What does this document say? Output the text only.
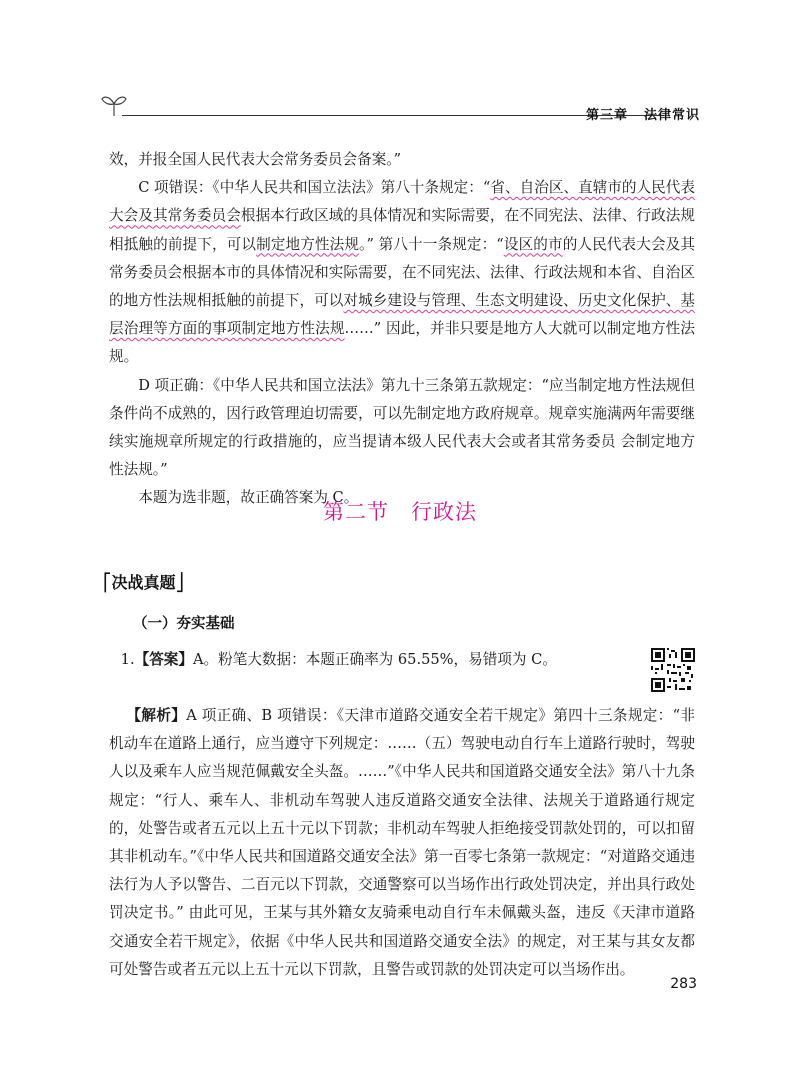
第三章 法律常识

效，并报全国人民代表大会常务委员会备案。”

C 项错误：《中华人民共和国立法法》第八十条规定：“省、自治区、直辖市的人民代表大会及其常务委员会根据本行政区域的具体情况和实际需要，在不同宪法、法律、行政法规相抵触的前提下，可以制定地方性法规。” 第八十一条规定：“设区的市的人民代表大会及其常务委员会根据本市的具体情况和实际需要，在不同宪法、法律、行政法规和本省、自治区的地方性法规相抵触的前提下，可以对城乡建设与管理、生态文明建设、历史文化保护、基层治理等方面的事项制定地方性法规……” 因此，并非只要是地方人大就可以制定地方性法规。

D 项正确：《中华人民共和国立法法》第九十三条第五款规定：“应当制定地方性法规但条件尚不成熟的，因行政管理迫切需要，可以先制定地方政府规章。规章实施满两年需要继续实施规章所规定的行政措施的，应当提请本级人民代表大会或者其常务委员 会制定地方性法规。”

本题为选非题，故正确答案为 C。

第二节 行政法
⎡决战真题⎦
（一）夯实基础

1.【答案】A。粉笔大数据：本题正确率为 65.55%，易错项为 C。

【解析】A 项正确、B 项错误：《天津市道路交通安全若干规定》第四十三条规定：“非机动车在道路上通行，应当遵守下列规定：……（五）驾驶电动自行车上道路行驶时，驾驶人以及乘车人应当规范佩戴安全头盔。……”《中华人民共和国道路交通安全法》第八十九条规定：“行人、乘车人、非机动车驾驶人违反道路交通安全法律、法规关于道路通行规定的，处警告或者五元以上五十元以下罚款；非机动车驾驶人拒绝接受罚款处罚的，可以扣留其非机动车。”《中华人民共和国道路交通安全法》第一百零七条第一款规定：“对道路交通违法行为人予以警告、二百元以下罚款，交通警察可以当场作出行政处罚决定，并出具行政处罚决定书。” 由此可见，王某与其外籍女友骑乘电动自行车未佩戴头盔，违反《天津市道路交通安全若干规定》，依据《中华人民共和国道路交通安全法》的规定，对王某与其女友都可处警告或者五元以上五十元以下罚款，且警告或罚款的处罚决定可以当场作出。

283
